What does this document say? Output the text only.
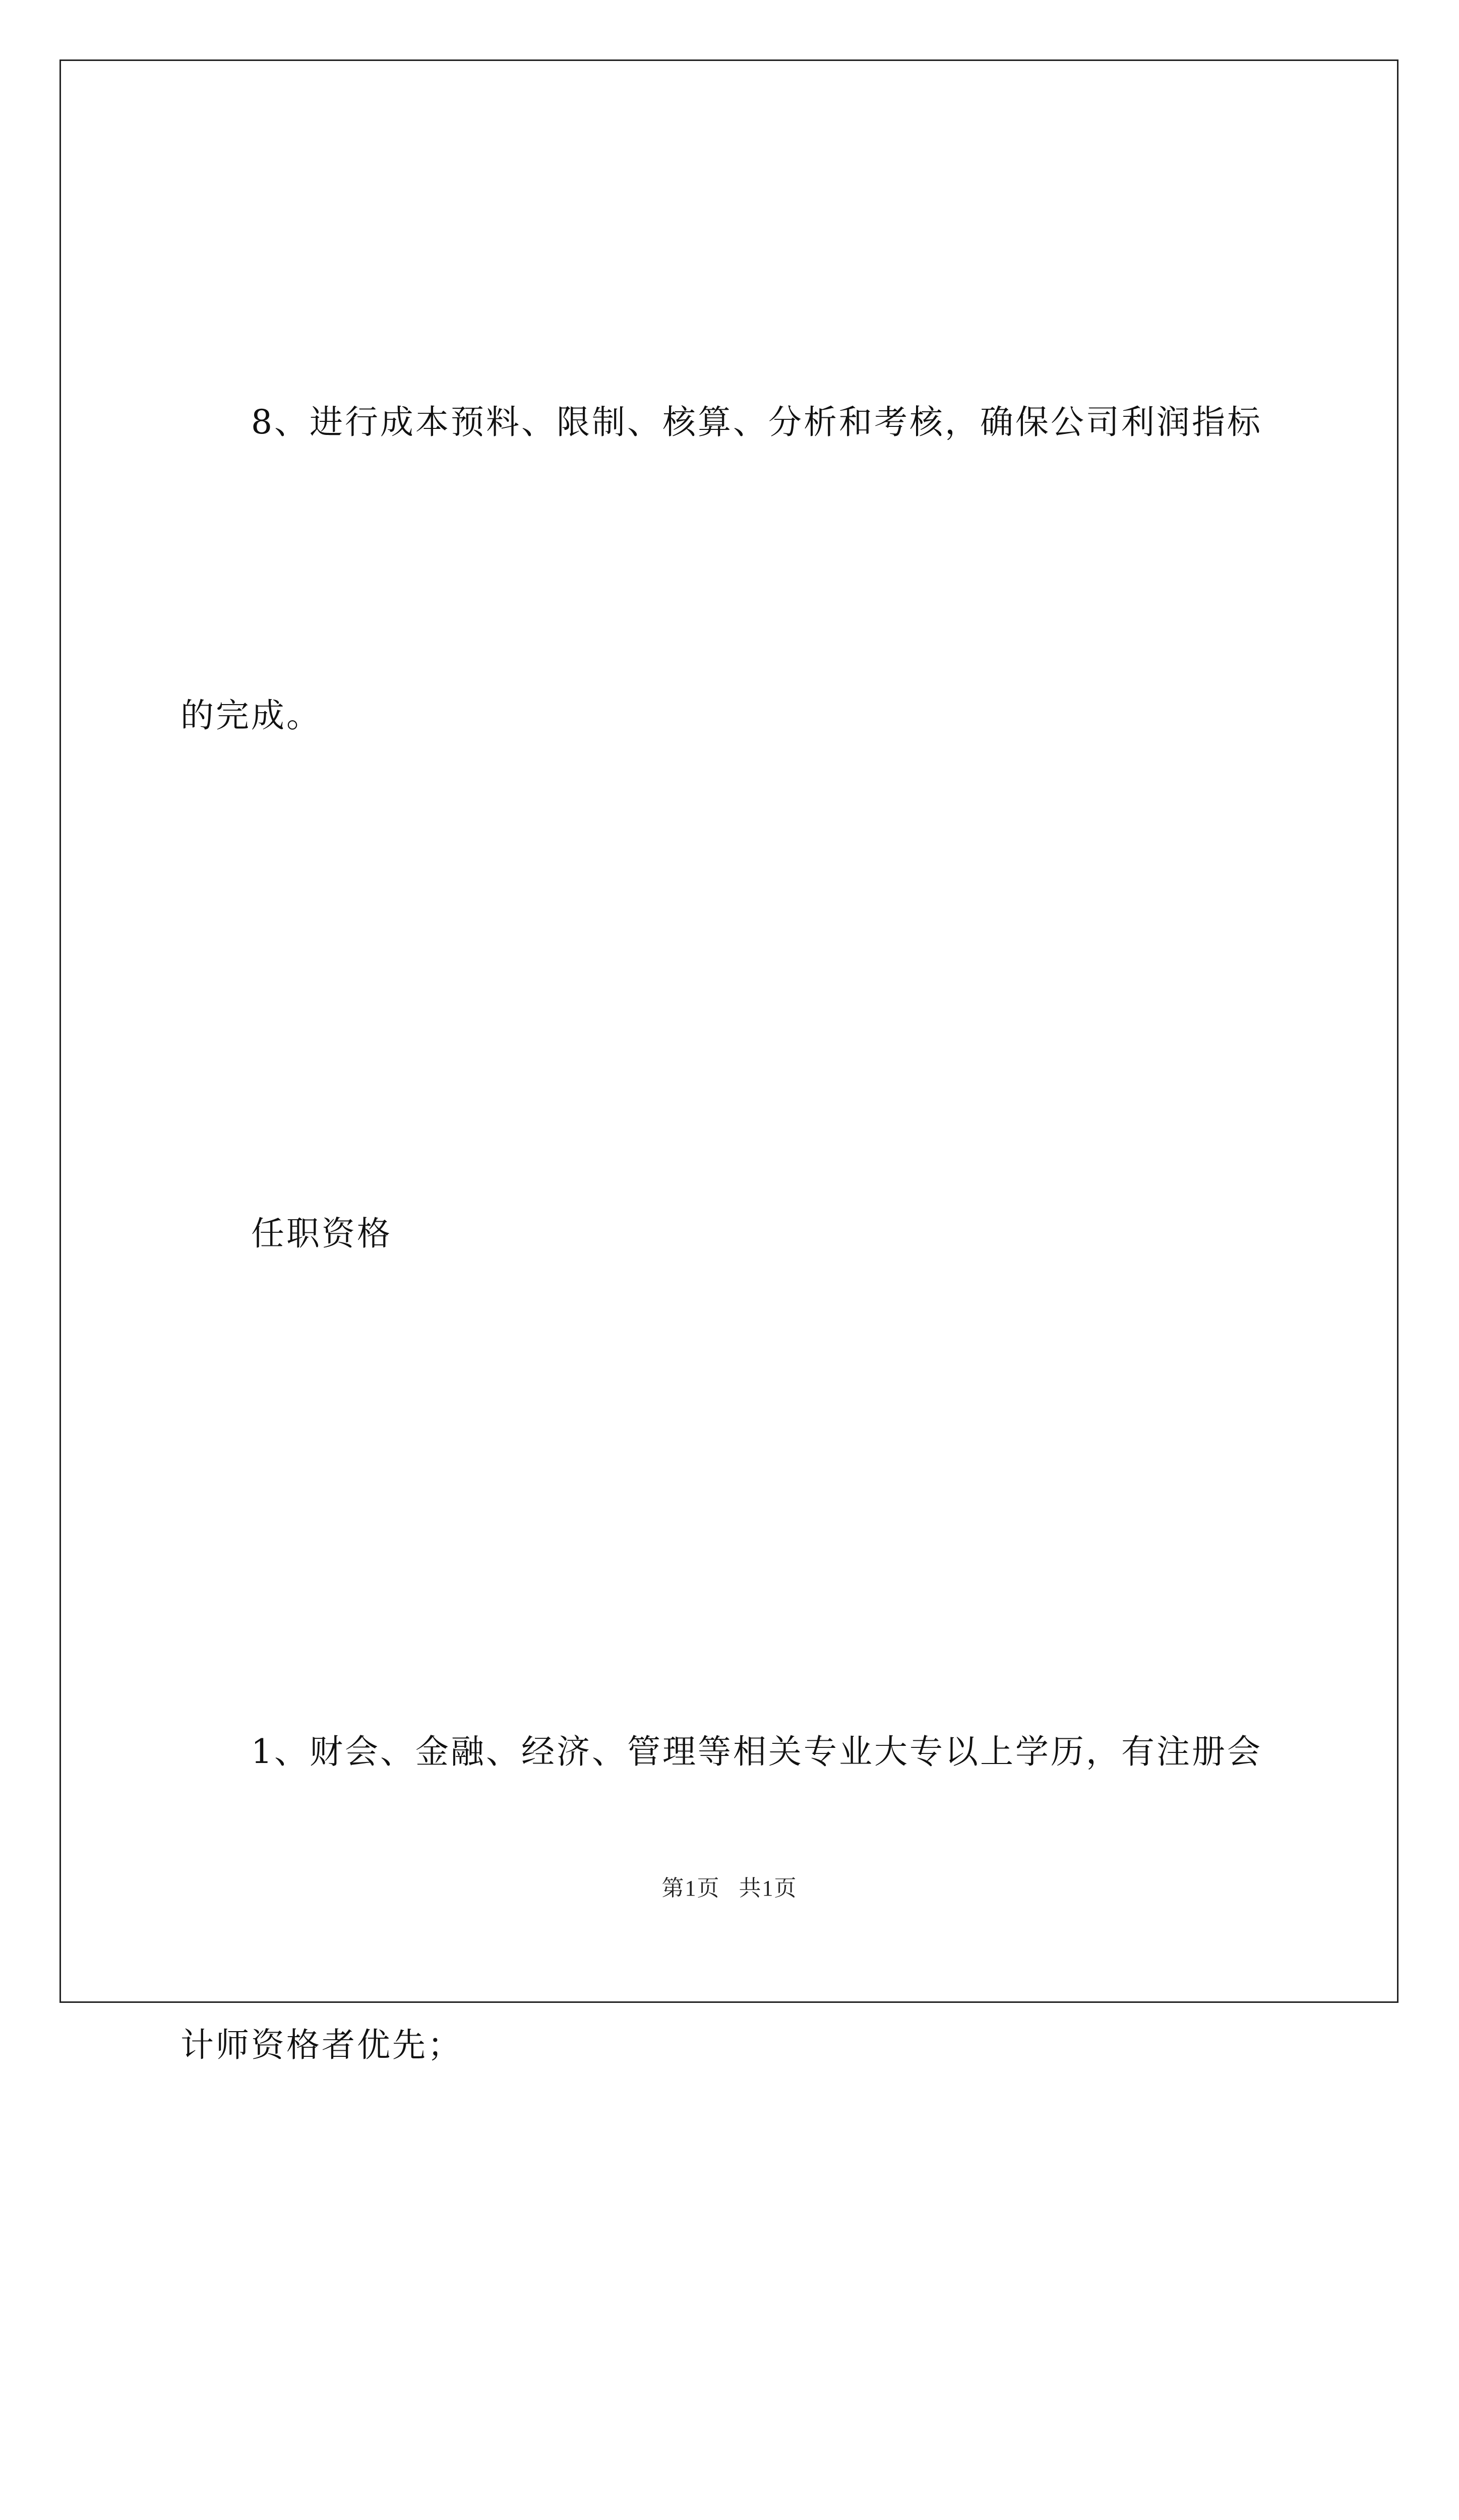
8、进行成本预料、限制、核算、分析和考核，确保公司利润指标

的完成。

任职资格

1、财会、金融、经济、管理等相关专业大专以上学历，有注册会

计师资格者优先；

第1页 共1页
